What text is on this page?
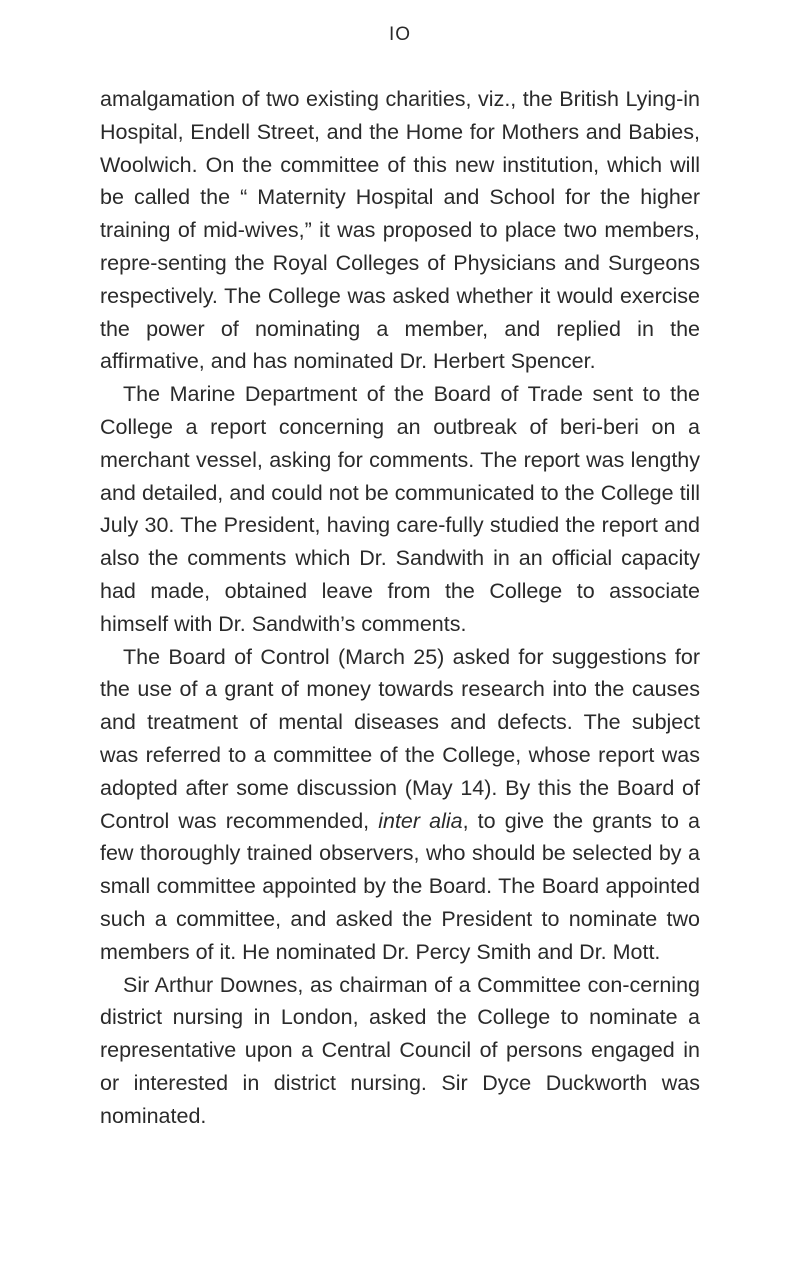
IO

amalgamation of two existing charities, viz., the British Lying-in Hospital, Endell Street, and the Home for Mothers and Babies, Woolwich. On the committee of this new institution, which will be called the “ Maternity Hospital and School for the higher training of mid-wives,” it was proposed to place two members, repre-senting the Royal Colleges of Physicians and Surgeons respectively. The College was asked whether it would exercise the power of nominating a member, and replied in the affirmative, and has nominated Dr. Herbert Spencer.

The Marine Department of the Board of Trade sent to the College a report concerning an outbreak of beri-beri on a merchant vessel, asking for comments. The report was lengthy and detailed, and could not be communicated to the College till July 30. The President, having care-fully studied the report and also the comments which Dr. Sandwith in an official capacity had made, obtained leave from the College to associate himself with Dr. Sandwith’s comments.

The Board of Control (March 25) asked for suggestions for the use of a grant of money towards research into the causes and treatment of mental diseases and defects. The subject was referred to a committee of the College, whose report was adopted after some discussion (May 14). By this the Board of Control was recommended, inter alia, to give the grants to a few thoroughly trained observers, who should be selected by a small committee appointed by the Board. The Board appointed such a committee, and asked the President to nominate two members of it. He nominated Dr. Percy Smith and Dr. Mott.

Sir Arthur Downes, as chairman of a Committee con-cerning district nursing in London, asked the College to nominate a representative upon a Central Council of persons engaged in or interested in district nursing. Sir Dyce Duckworth was nominated.
